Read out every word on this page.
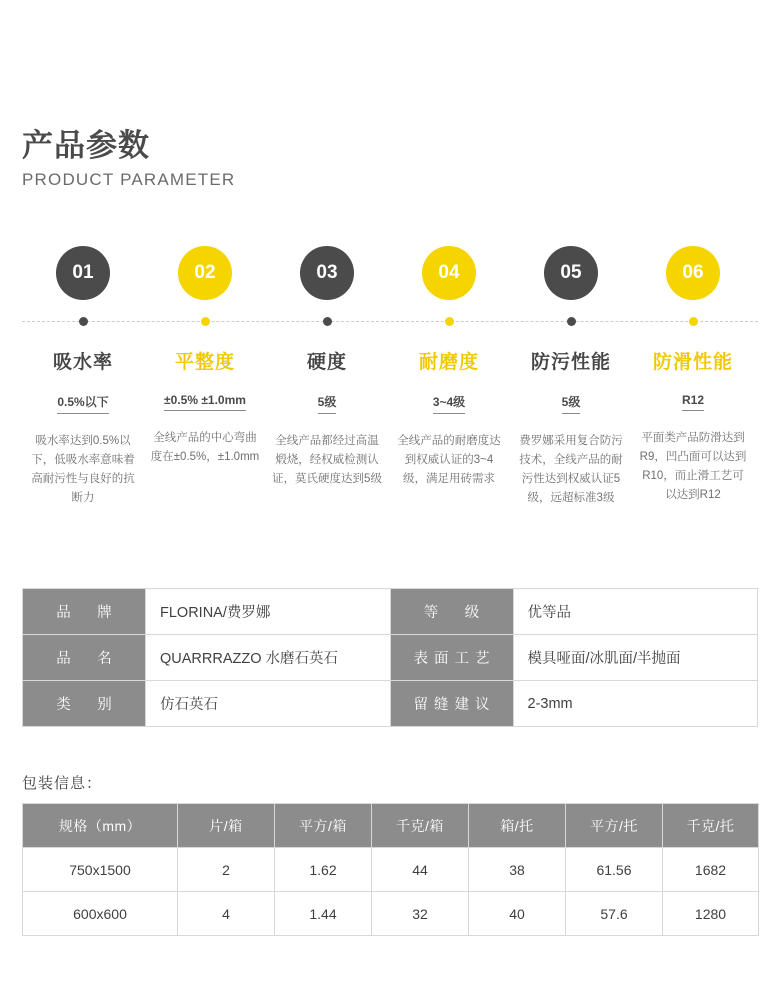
产品参数
PRODUCT PARAMETER
01
吸水率
0.5%以下
吸水率达到0.5%以下，低吸水率意味着高耐污性与良好的抗断力
02
平整度
±0.5% ±1.0mm
全线产品的中心弯曲度在±0.5%，±1.0mm
03
硬度
5级
全线产品都经过高温煅烧，经权威检测认证，莫氏硬度达到5级
04
耐磨度
3~4级
全线产品的耐磨度达到权威认证的3~4级，满足用砖需求
05
防污性能
5级
费罗娜采用复合防污技术，全线产品的耐污性达到权威认证5级，远超标准3级
06
防滑性能
R12
平面类产品防滑达到R9，凹凸面可以达到R10，而止滑工艺可以达到R12
品　牌	FLORINA/费罗娜	等　级	优等品
品　名	QUARRRAZZO 水磨石英石	表面工艺	模具哑面/冰肌面/半抛面
类　别	仿石英石	留缝建议	2-3mm
包装信息：
规格（mm）	片/箱	平方/箱	千克/箱	箱/托	平方/托	千克/托
750x1500	2	1.62	44	38	61.56	1682
600x600	4	1.44	32	40	57.6	1280
